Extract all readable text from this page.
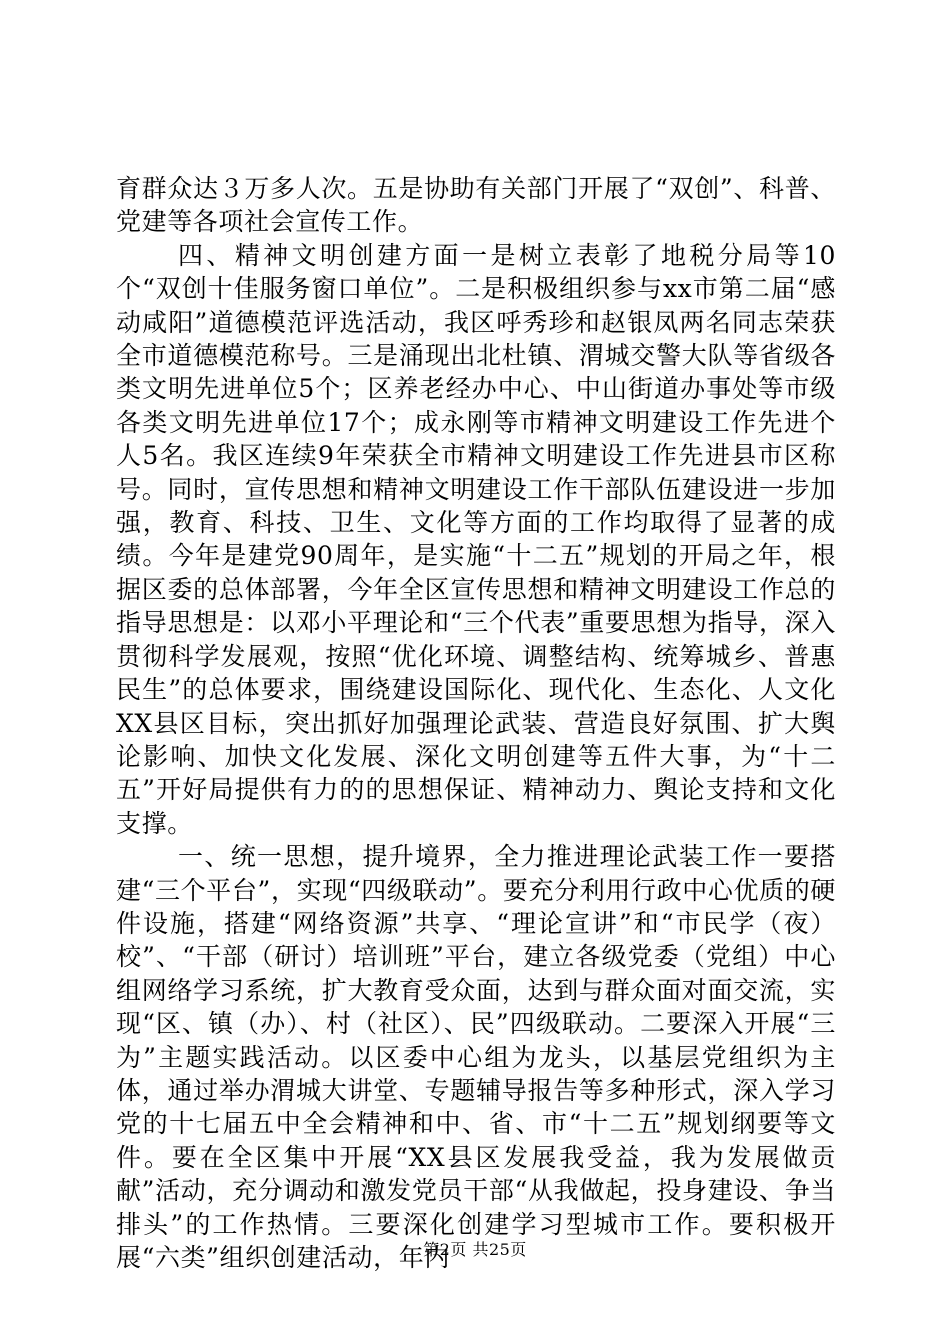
育群众达３万多人次。五是协助有关部门开展了“双创”、科普、党建等各项社会宣传工作。

四、精神文明创建方面一是树立表彰了地税分局等10个“双创十佳服务窗口单位”。二是积极组织参与xx市第二届“感动咸阳”道德模范评选活动，我区呼秀珍和赵银凤两名同志荣获全市道德模范称号。三是涌现出北杜镇、渭城交警大队等省级各类文明先进单位5个；区养老经办中心、中山街道办事处等市级各类文明先进单位17个；成永刚等市精神文明建设工作先进个人5名。我区连续9年荣获全市精神文明建设工作先进县市区称号。同时，宣传思想和精神文明建设工作干部队伍建设进一步加强，教育、科技、卫生、文化等方面的工作均取得了显著的成绩。今年是建党90周年，是实施“十二五”规划的开局之年，根据区委的总体部署，今年全区宣传思想和精神文明建设工作总的指导思想是：以邓小平理论和“三个代表”重要思想为指导，深入贯彻科学发展观，按照“优化环境、调整结构、统筹城乡、普惠民生”的总体要求，围绕建设国际化、现代化、生态化、人文化XX县区目标，突出抓好加强理论武装、营造良好氛围、扩大舆论影响、加快文化发展、深化文明创建等五件大事，为“十二五”开好局提供有力的的思想保证、精神动力、舆论支持和文化支撑。

一、统一思想，提升境界，全力推进理论武装工作一要搭建“三个平台”，实现“四级联动”。要充分利用行政中心优质的硬件设施，搭建“网络资源”共享、“理论宣讲”和“市民学（夜）校”、“干部（研讨）培训班”平台，建立各级党委（党组）中心组网络学习系统，扩大教育受众面，达到与群众面对面交流，实现“区、镇（办）、村（社区）、民”四级联动。二要深入开展“三为”主题实践活动。以区委中心组为龙头，以基层党组织为主体，通过举办渭城大讲堂、专题辅导报告等多种形式，深入学习党的十七届五中全会精神和中、省、市“十二五”规划纲要等文件。要在全区集中开展“XX县区发展我受益，我为发展做贡献”活动，充分调动和激发党员干部“从我做起，投身建设、争当排头”的工作热情。三要深化创建学习型城市工作。要积极开展“六类”组织创建活动，年内

第2页 共25页
